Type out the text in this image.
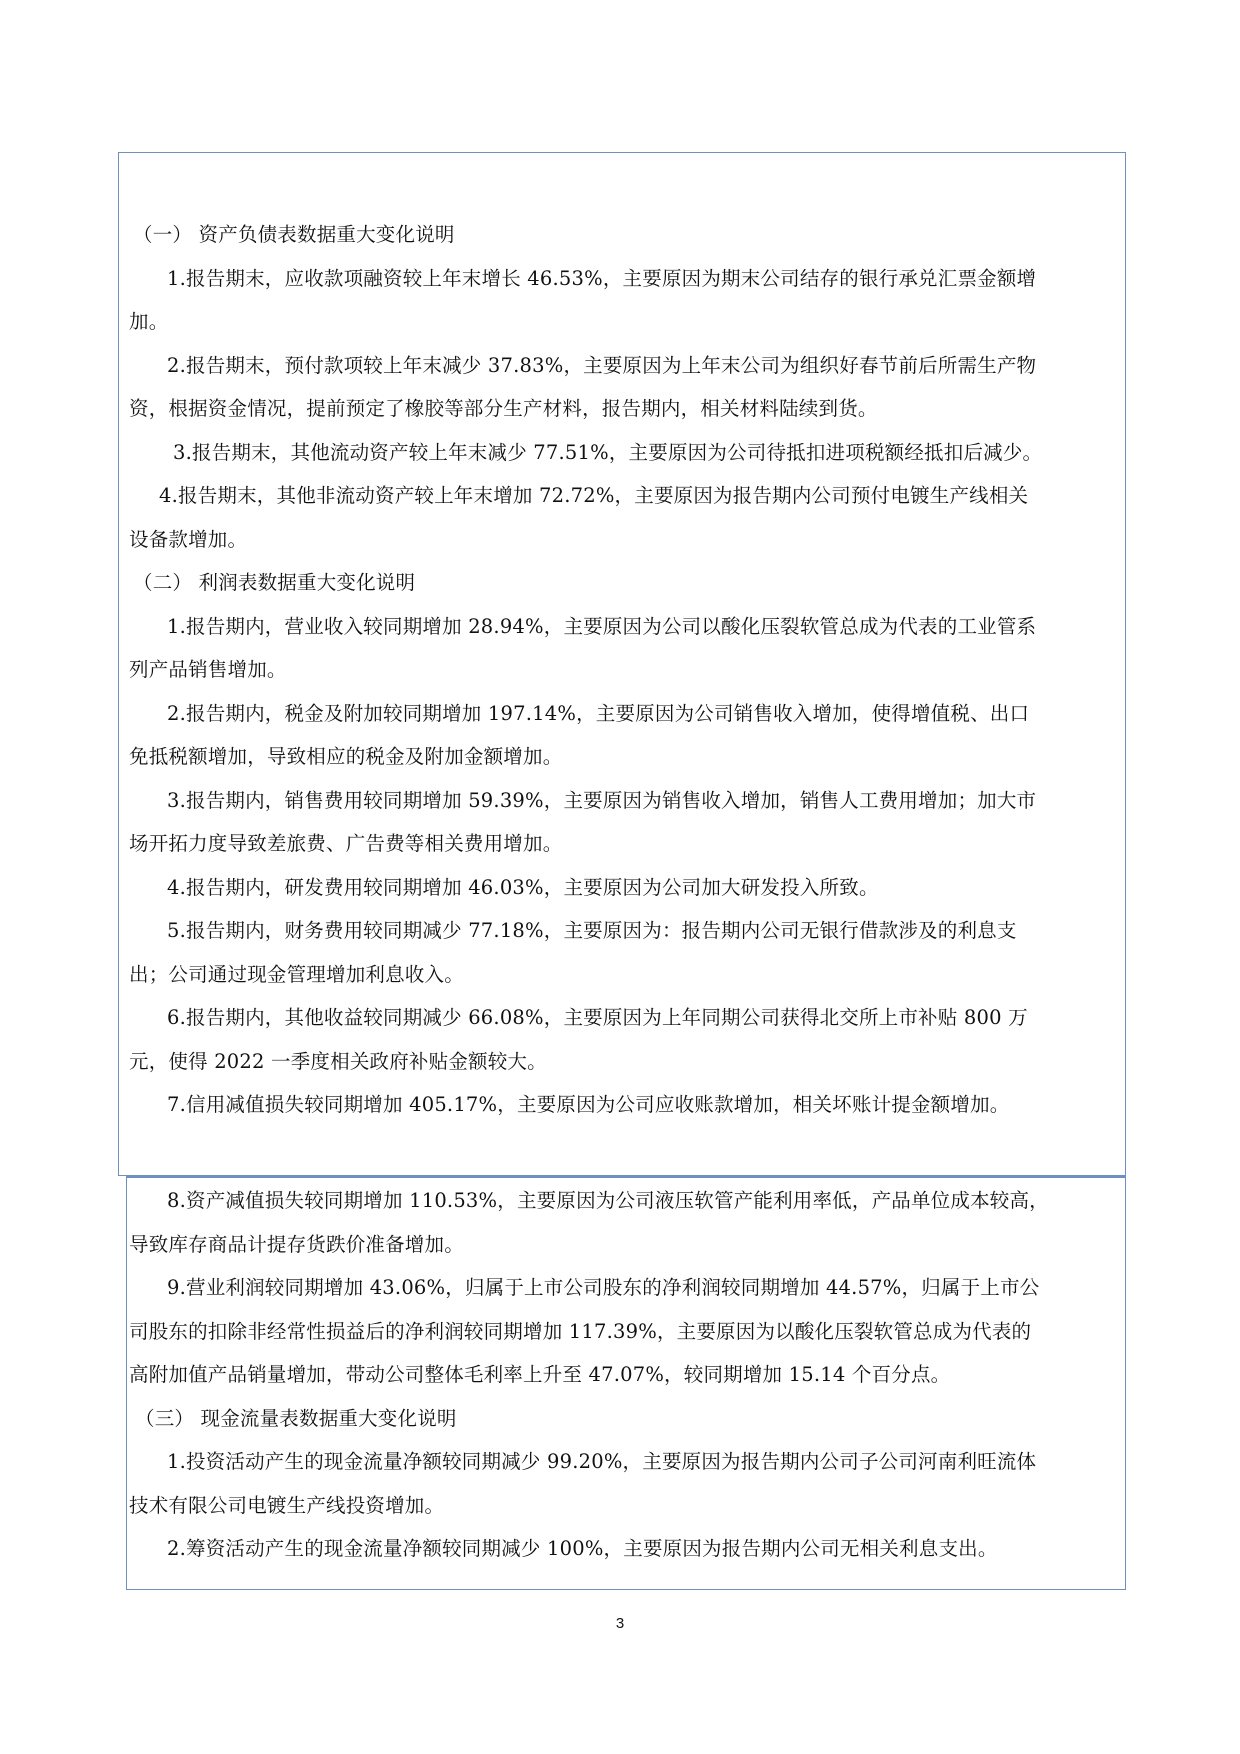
（一） 资产负债表数据重大变化说明
1.报告期末，应收款项融资较上年末增长 46.53%，主要原因为期末公司结存的银行承兑汇票金额增
加。
2.报告期末，预付款项较上年末减少 37.83%，主要原因为上年末公司为组织好春节前后所需生产物
资，根据资金情况，提前预定了橡胶等部分生产材料，报告期内，相关材料陆续到货。
3.报告期末，其他流动资产较上年末减少 77.51%，主要原因为公司待抵扣进项税额经抵扣后减少。
4.报告期末，其他非流动资产较上年末增加 72.72%，主要原因为报告期内公司预付电镀生产线相关
设备款增加。
（二） 利润表数据重大变化说明
1.报告期内，营业收入较同期增加 28.94%，主要原因为公司以酸化压裂软管总成为代表的工业管系
列产品销售增加。
2.报告期内，税金及附加较同期增加 197.14%，主要原因为公司销售收入增加，使得增值税、出口
免抵税额增加，导致相应的税金及附加金额增加。
3.报告期内，销售费用较同期增加 59.39%，主要原因为销售收入增加，销售人工费用增加；加大市
场开拓力度导致差旅费、广告费等相关费用增加。
4.报告期内，研发费用较同期增加 46.03%，主要原因为公司加大研发投入所致。
5.报告期内，财务费用较同期减少 77.18%，主要原因为：报告期内公司无银行借款涉及的利息支
出；公司通过现金管理增加利息收入。
6.报告期内，其他收益较同期减少 66.08%，主要原因为上年同期公司获得北交所上市补贴 800 万
元，使得 2022 一季度相关政府补贴金额较大。
7.信用减值损失较同期增加 405.17%，主要原因为公司应收账款增加，相关坏账计提金额增加。
8.资产减值损失较同期增加 110.53%，主要原因为公司液压软管产能利用率低，产品单位成本较高，
导致库存商品计提存货跌价准备增加。
9.营业利润较同期增加 43.06%，归属于上市公司股东的净利润较同期增加 44.57%，归属于上市公
司股东的扣除非经常性损益后的净利润较同期增加 117.39%，主要原因为以酸化压裂软管总成为代表的
高附加值产品销量增加，带动公司整体毛利率上升至 47.07%，较同期增加 15.14 个百分点。
（三） 现金流量表数据重大变化说明
1.投资活动产生的现金流量净额较同期减少 99.20%，主要原因为报告期内公司子公司河南利旺流体
技术有限公司电镀生产线投资增加。
2.筹资活动产生的现金流量净额较同期减少 100%，主要原因为报告期内公司无相关利息支出。
3
